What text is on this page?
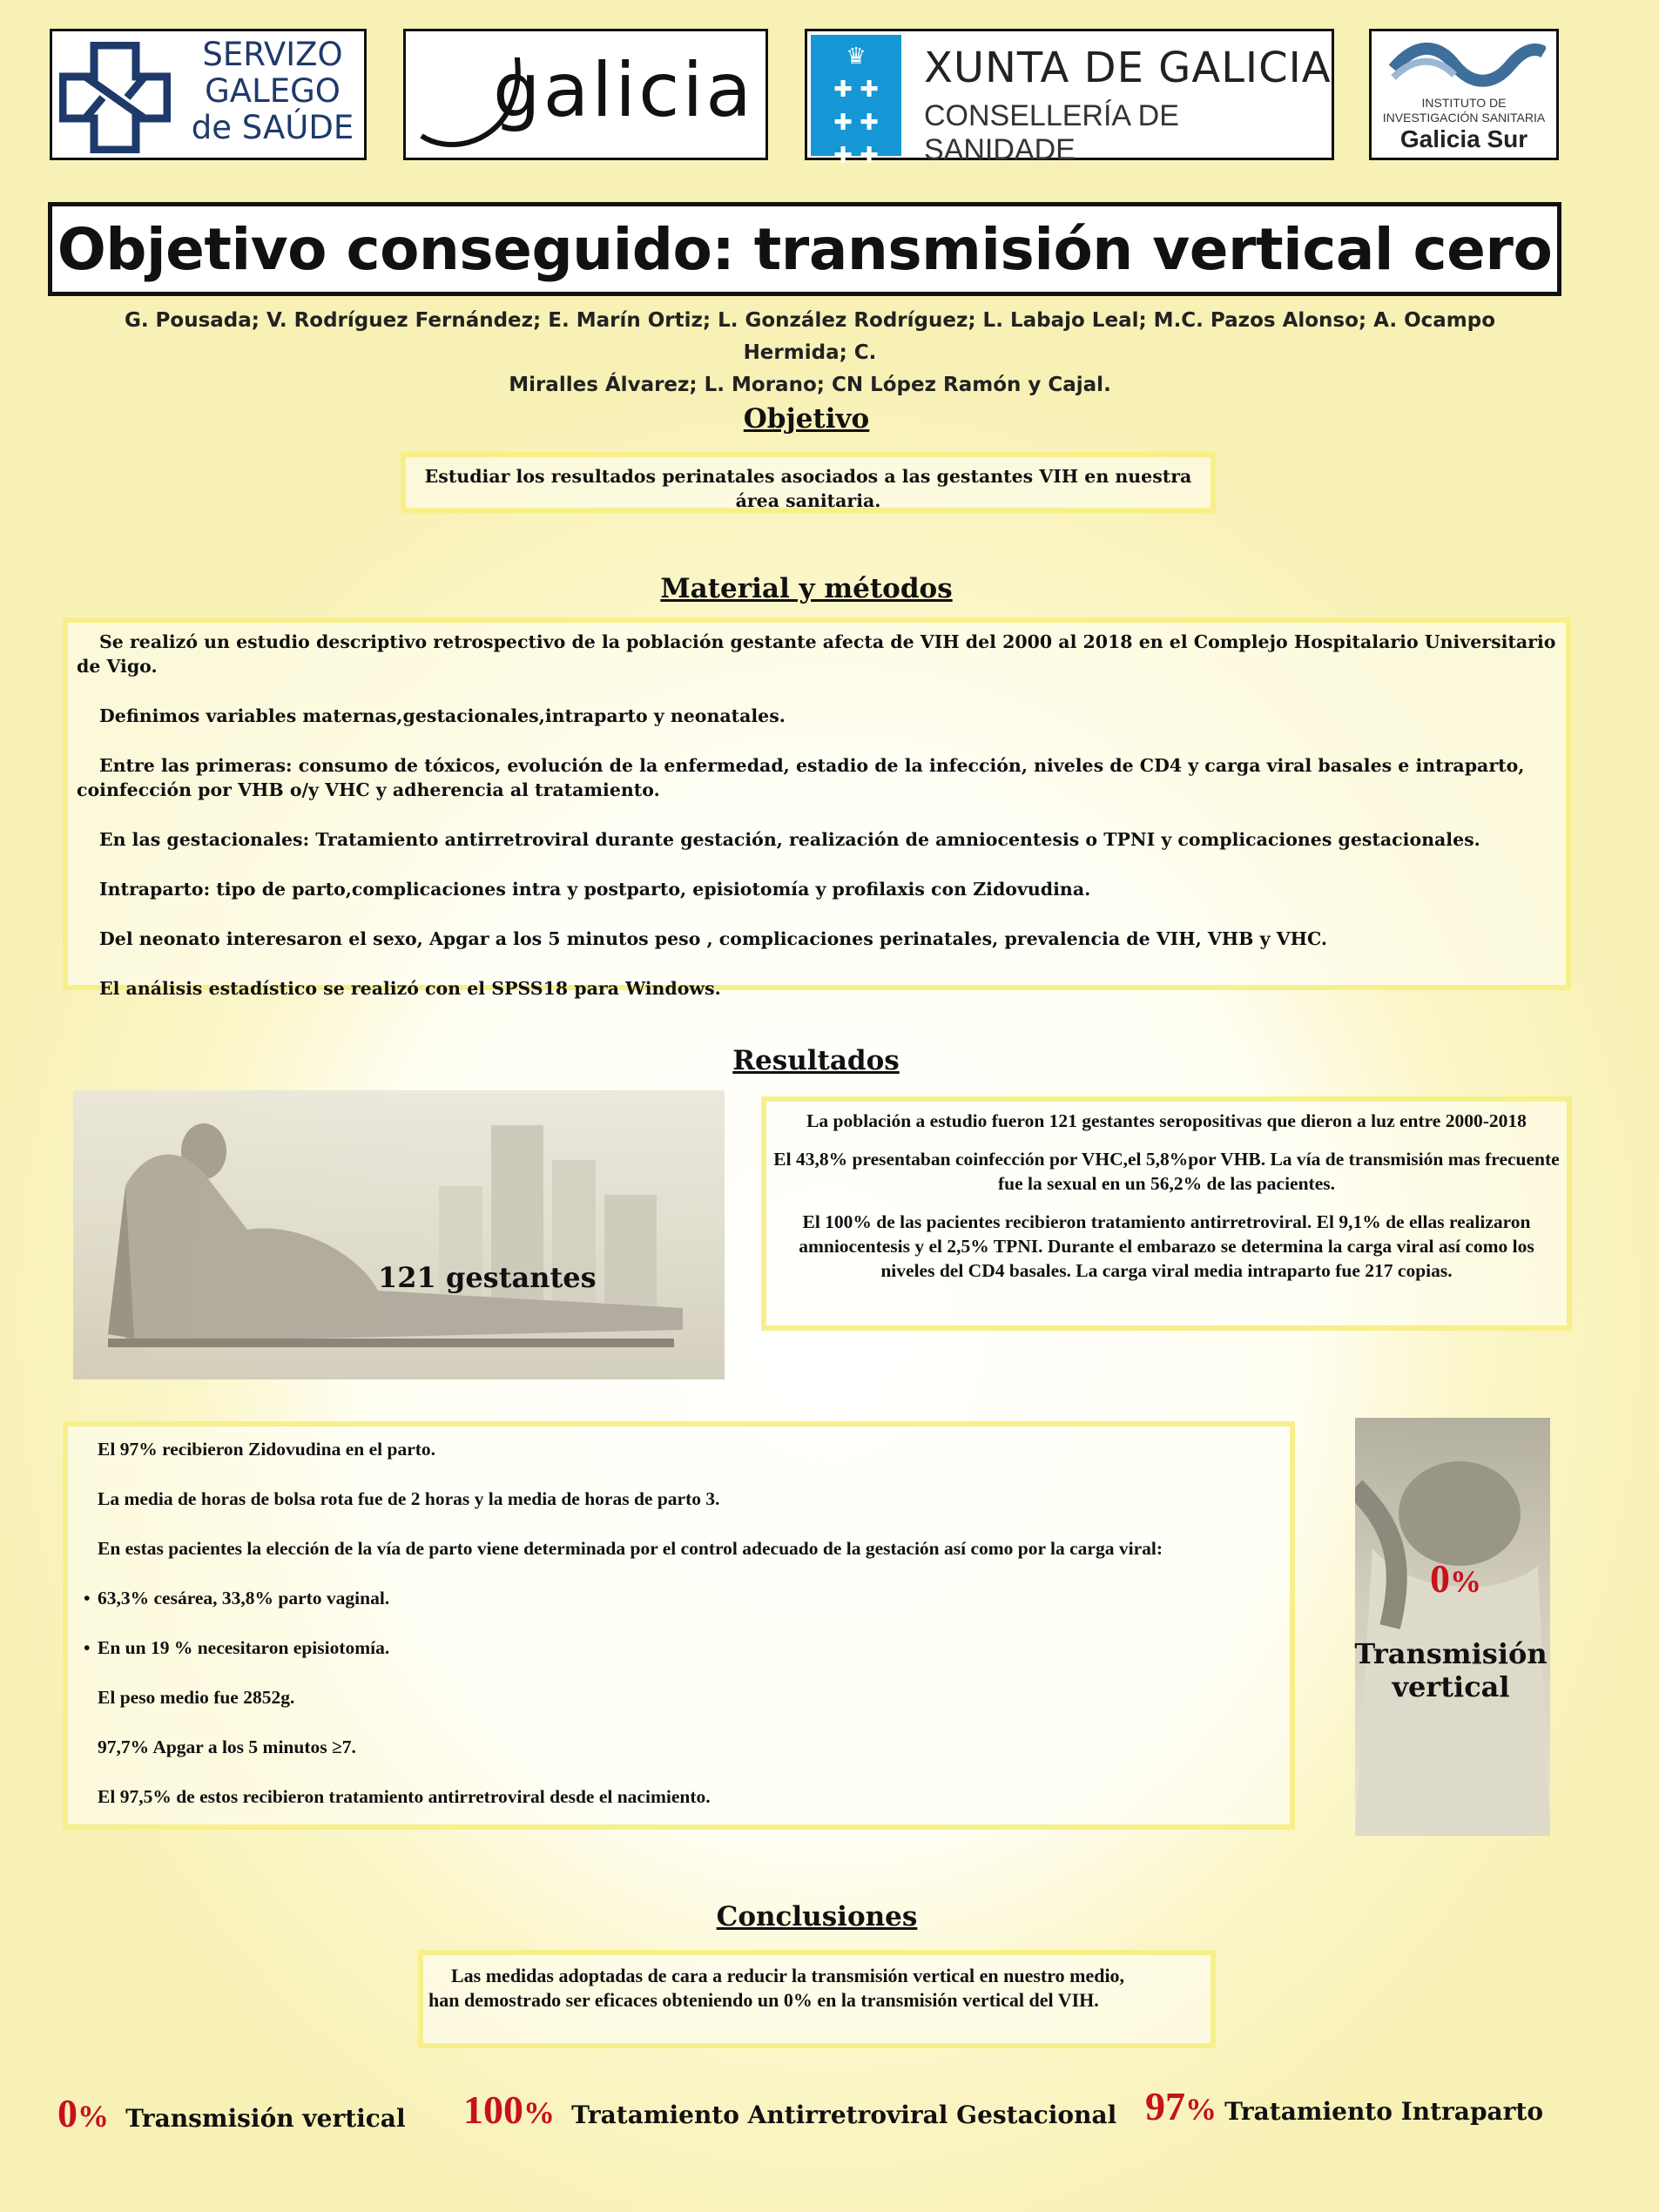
SERVIZO
GALEGO
de SAÚDE galicia	♛
✚ ✚
✚ ✚
✚ ✚
XUNTA DE GALICIA
CONSELLERÍA DE SANIDADE
INSTITUTO DE
INVESTIGACIÓN SANITARIA
Galicia Sur
Objetivo conseguido: transmisión vertical cero
G. Pousada; V. Rodríguez Fernández; E. Marín Ortiz; L. González Rodríguez; L. Labajo Leal; M.C. Pazos Alonso; A. Ocampo Hermida; C.
Miralles Álvarez; L. Morano; CN López Ramón y Cajal.
Objetivo
Estudiar los resultados perinatales asociados a las gestantes VIH en nuestra área sanitaria.
Material y métodos

Se realizó un estudio descriptivo retrospectivo de la población gestante afecta de VIH del 2000 al 2018 en el Complejo Hospitalario Universitario de Vigo.

Definimos variables maternas,gestacionales,intraparto y neonatales.

Entre las primeras: consumo de tóxicos, evolución de la enfermedad, estadio de la infección, niveles de CD4 y carga viral basales e intraparto, coinfección por VHB o/y VHC y adherencia al tratamiento.

En las gestacionales: Tratamiento antirretroviral durante gestación, realización de amniocentesis o TPNI y complicaciones gestacionales.

Intraparto: tipo de parto,complicaciones intra y postparto, episiotomía y profilaxis con Zidovudina.

Del neonato interesaron el sexo, Apgar a los 5 minutos peso , complicaciones perinatales, prevalencia de VIH, VHB y VHC.

El análisis estadístico se realizó con el SPSS18 para Windows.

Resultados
121 gestantes

La población a estudio fueron 121 gestantes seropositivas que dieron a luz entre 2000-2018

El 43,8% presentaban coinfección por VHC,el 5,8%por VHB. La vía de transmisión mas frecuente fue la sexual en un 56,2% de las pacientes.

El 100% de las pacientes recibieron tratamiento antirretroviral. El 9,1% de ellas realizaron amniocentesis y el 2,5% TPNI. Durante el embarazo se determina la carga viral así como los niveles del CD4 basales. La carga viral media intraparto fue 217 copias.

El 97% recibieron Zidovudina en el parto.

La media de horas de bolsa rota fue de 2 horas y la media de horas de parto 3.

En estas pacientes la elección de la vía de parto viene determinada por el control adecuado de la gestación así como por la carga viral:

• 63,3% cesárea, 33,8% parto vaginal.

• En un 19 % necesitaron episiotomía.

El peso medio fue 2852g.

97,7% Apgar a los 5 minutos ≥7.

El 97,5% de estos recibieron tratamiento antirretroviral desde el nacimiento.

0%
Transmisión vertical
Conclusiones
Las medidas adoptadas de cara a reducir la transmisión vertical en nuestro medio,
han demostrado ser eficaces obteniendo un 0% en la transmisión vertical del VIH.
0% Transmisión vertical 100% Tratamiento Antirretroviral Gestacional 97% Tratamiento Intraparto
